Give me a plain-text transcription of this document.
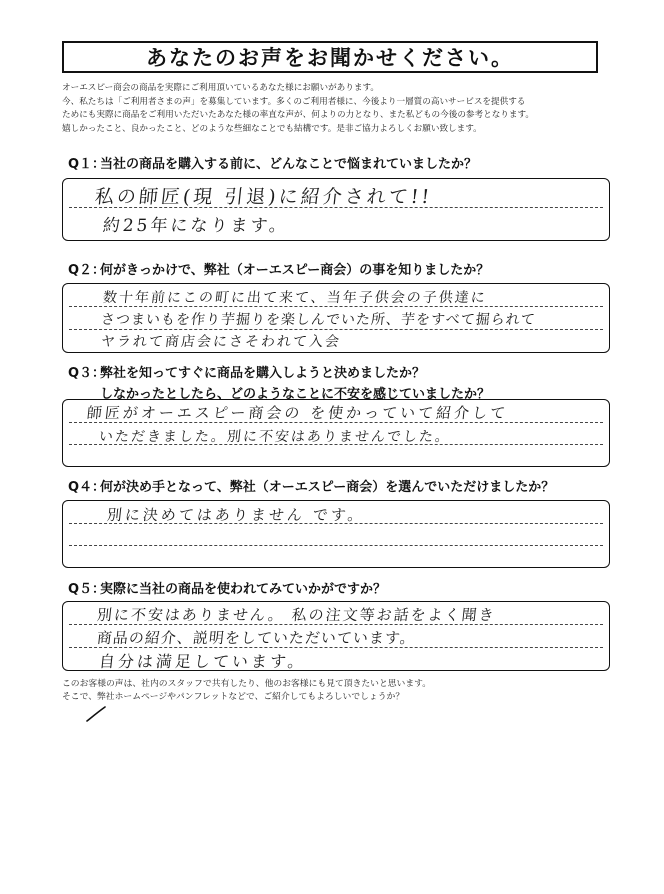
あなたのお声をお聞かせください。

オーエスピー商会の商品を実際にご利用頂いているあなた様にお願いがあります。

今、私たちは「ご利用者さまの声」を募集しています。多くのご利用者様に、今後より一層質の高いサービスを提供する

ためにも実際に商品をご利用いただいたあなた様の率直な声が、何よりの力となり、また私どもの今後の参考となります。

嬉しかったこと、良かったこと、どのような些細なことでも結構です。是非ご協力よろしくお願い致します。

Q１：当社の商品を購入する前に、どんなことで悩まれていましたか？
私の師匠(現 引退)に紹介されて!!
約25年になります。
Q２：何がきっかけで、弊社（オーエスピー商会）の事を知りましたか？
数十年前にこの町に出て来て、当年子供会の子供達に
さつまいもを作り芋掘りを楽しんでいた所、芋をすべて掘られて
ヤラれて商店会にさそわれて入会
Q３：弊社を知ってすぐに商品を購入しようと決めましたか？
しなかったとしたら、どのようなことに不安を感じていましたか？
師匠がオーエスピー商会の を使かっていて紹介して
いただきました。別に不安はありませんでした。
Q４：何が決め手となって、弊社（オーエスピー商会）を選んでいただけましたか？
別に決めてはありません です。
Q５：実際に当社の商品を使われてみていかがですか？
別に不安はありません。 私の注文等お話をよく聞き
商品の紹介、説明をしていただいています。
自分は満足しています。

このお客様の声は、社内のスタッフで共有したり、他のお客様にも見て頂きたいと思います。

そこで、弊社ホームページやパンフレットなどで、ご紹介してもよろしいでしょうか？
